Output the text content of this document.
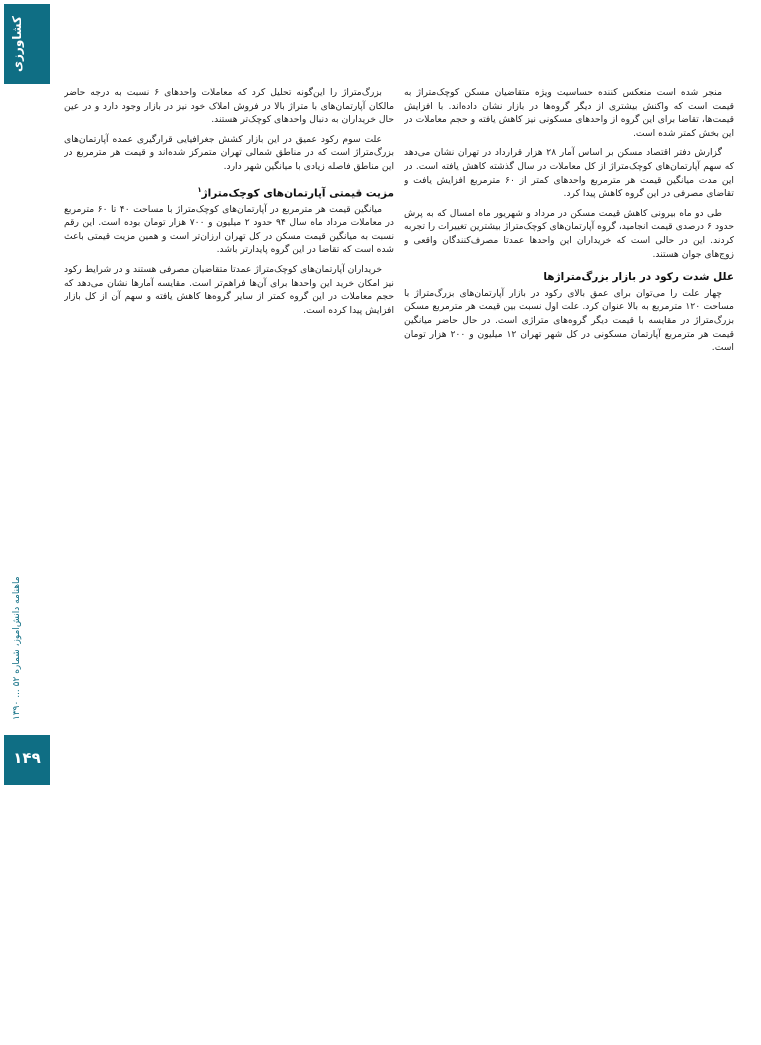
کشاورزی
ماهنامه دانش‌آموز، شماره ۵۲ ... ۱۳۹۰
۱۴۹

منجر شده است منعکس کننده حساسیت ویژه متقاضیان مسکن کوچک‌متراژ به قیمت است که واکنش بیشتری از دیگر گروه‌ها در بازار نشان داده‌اند. با افزایش قیمت‌ها، تقاضا برای این گروه از واحدهای مسکونی نیز کاهش یافته و حجم معاملات در این بخش کمتر شده است.

گزارش دفتر اقتصاد مسکن بر اساس آمار ۲۸ هزار قرارداد در تهران نشان می‌دهد که سهم آپارتمان‌های کوچک‌متراژ از کل معاملات در سال گذشته کاهش یافته است. در این مدت میانگین قیمت هر مترمربع واحدهای کمتر از ۶۰ مترمربع افزایش یافت و تقاضای مصرفی در این گروه کاهش پیدا کرد.

طی دو ماه بیرونی کاهش قیمت مسکن در مرداد و شهریور ماه امسال که به پرش حدود ۶ درصدی قیمت انجامید، گروه آپارتمان‌های کوچک‌متراژ بیشترین تغییرات را تجربه کردند. این در حالی است که خریداران این واحدها عمدتا مصرف‌کنندگان واقعی و زوج‌های جوان هستند.

علل شدت رکود در بازار بزرگ‌متراژها

چهار علت را می‌توان برای عمق بالای رکود در بازار آپارتمان‌های بزرگ‌متراژ با مساحت ۱۲۰ مترمربع به بالا عنوان کرد. علت اول نسبت بین قیمت هر مترمربع مسکن بزرگ‌متراژ در مقایسه با قیمت دیگر گروه‌های متراژی است. در حال حاضر میانگین قیمت هر مترمربع آپارتمان مسکونی در کل شهر تهران ۱۲ میلیون و ۲۰۰ هزار تومان است.

بزرگ‌متراژ را این‌گونه تحلیل کرد که معاملات واحدهای ۶ نسبت به درجه حاضر مالکان آپارتمان‌های با متراژ بالا در فروش املاک خود نیز در بازار وجود دارد و در عین حال خریداران به دنبال واحدهای کوچک‌تر هستند.

علت سوم رکود عمیق در این بازار کشش جغرافیایی قرارگیری عمده آپارتمان‌های بزرگ‌متراژ است که در مناطق شمالی تهران متمرکز شده‌اند و قیمت هر مترمربع در این مناطق فاصله زیادی با میانگین شهر دارد.

مزیت قیمتی آپارتمان‌های کوچک‌متراژ$^۱$

میانگین قیمت هر مترمربع در آپارتمان‌های کوچک‌متراژ با مساحت ۴۰ تا ۶۰ مترمربع در معاملات مرداد ماه سال ۹۴ حدود ۲ میلیون و ۷۰۰ هزار تومان بوده است. این رقم نسبت به میانگین قیمت مسکن در کل تهران ارزان‌تر است و همین مزیت قیمتی باعث شده است که تقاضا در این گروه پایدارتر باشد.

خریداران آپارتمان‌های کوچک‌متراژ عمدتا متقاضیان مصرفی هستند و در شرایط رکود نیز امکان خرید این واحدها برای آن‌ها فراهم‌تر است. مقایسه آمارها نشان می‌دهد که حجم معاملات در این گروه کمتر از سایر گروه‌ها کاهش یافته و سهم آن از کل بازار افزایش پیدا کرده است.
